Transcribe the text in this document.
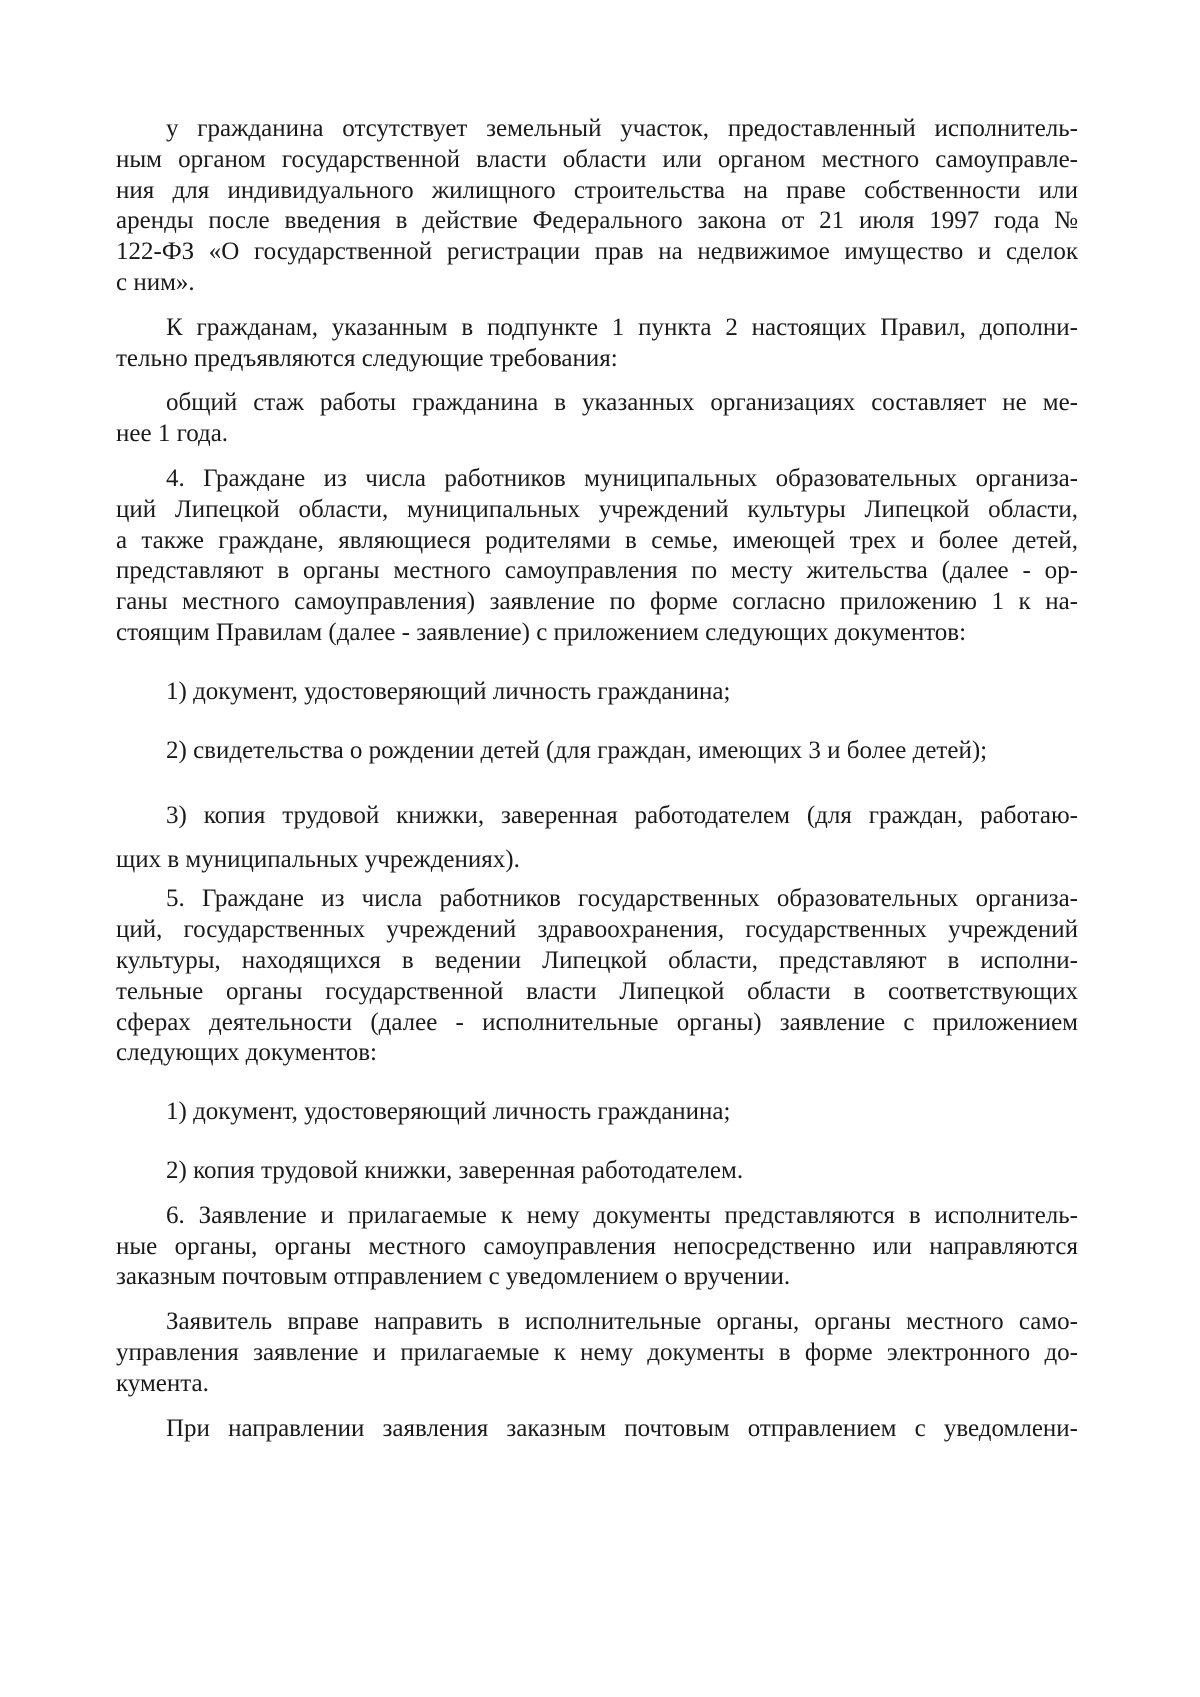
у гражданина отсутствует земельный участок, предоставленный исполнитель-
ным органом государственной власти области или органом местного самоуправле-
ния для индивидуального жилищного строительства на праве собственности или
аренды после введения в действие Федерального закона от 21 июля 1997 года №
122-ФЗ «О государственной регистрации прав на недвижимое имущество и сделок
с ним».
К гражданам, указанным в подпункте 1 пункта 2 настоящих Правил, дополни-
тельно предъявляются следующие требования:
общий стаж работы гражданина в указанных организациях составляет не ме-
нее 1 года.
4. Граждане из числа работников муниципальных образовательных организа-
ций Липецкой области, муниципальных учреждений культуры Липецкой области,
а также граждане, являющиеся родителями в семье, имеющей трех и более детей,
представляют в органы местного самоуправления по месту жительства (далее - ор-
ганы местного самоуправления) заявление по форме согласно приложению 1 к на-
стоящим Правилам (далее - заявление) с приложением следующих документов:

1) документ, удостоверяющий личность гражданина;

2) свидетельства о рождении детей (для граждан, имеющих 3 и более детей);

3) копия трудовой книжки, заверенная работодателем (для граждан, работаю-
щих в муниципальных учреждениях).
5. Граждане из числа работников государственных образовательных организа-
ций, государственных учреждений здравоохранения, государственных учреждений
культуры, находящихся в ведении Липецкой области, представляют в исполни-
тельные органы государственной власти Липецкой области в соответствующих
сферах деятельности (далее - исполнительные органы) заявление с приложением
следующих документов:

1) документ, удостоверяющий личность гражданина;

2) копия трудовой книжки, заверенная работодателем.

6. Заявление и прилагаемые к нему документы представляются в исполнитель-
ные органы, органы местного самоуправления непосредственно или направляются
заказным почтовым отправлением с уведомлением о вручении.
Заявитель вправе направить в исполнительные органы, органы местного само-
управления заявление и прилагаемые к нему документы в форме электронного до-
кумента.
При направлении заявления заказным почтовым отправлением с уведомлени-
